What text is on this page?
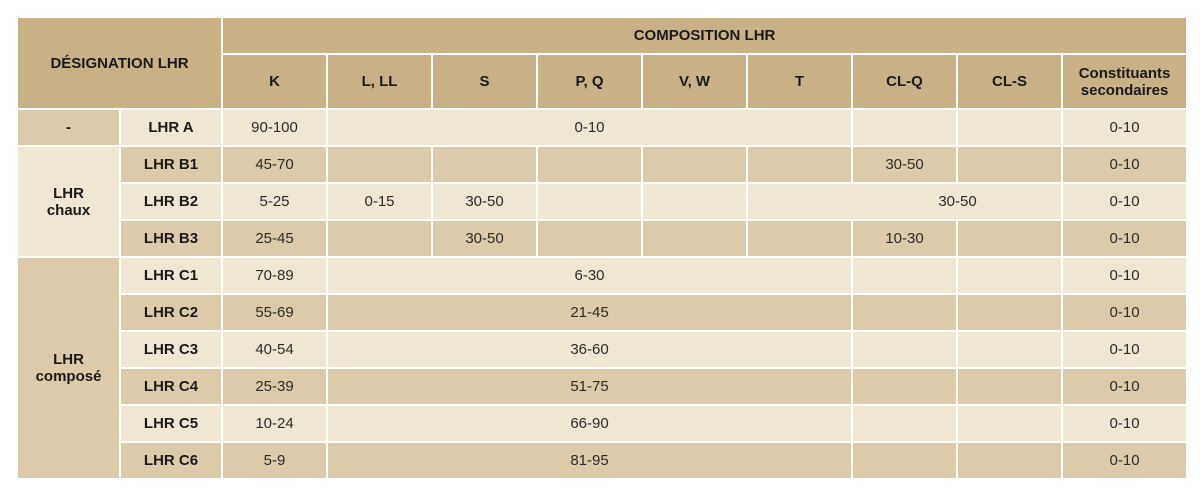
DÉSIGNATION LHR		COMPOSITION LHR								
		K	L, LL	S	P, Q	V, W	T	CL-Q	CL-S	Constituants
secondaires
-	LHR A	90-100	0-10							0-10
LHR
chaux	LHR B1	45-70						30-50		0-10
	LHR B2	5-25	0-15	30-50			30-50			0-10
	LHR B3	25-45		30-50				10-30		0-10
LHR
composé	LHR C1	70-89	6-30							0-10
	LHR C2	55-69	21-45							0-10
	LHR C3	40-54	36-60							0-10
	LHR C4	25-39	51-75							0-10
	LHR C5	10-24	66-90							0-10
	LHR C6	5-9	81-95							0-10
